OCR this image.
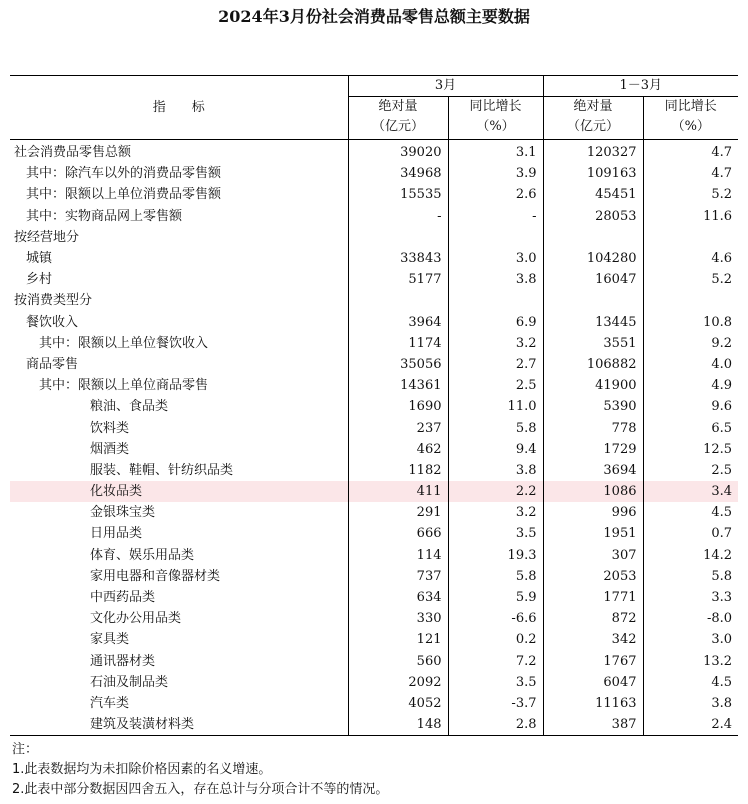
2024年3月份社会消费品零售总额主要数据
指　　标	3月		1－3月	
	绝对量	同比增长	绝对量	同比增长
	（亿元）	（%）	（亿元）	（%）
社会消费品零售总额	39020	3.1	120327	4.7
其中：除汽车以外的消费品零售额	34968	3.9	109163	4.7
其中：限额以上单位消费品零售额	15535	2.6	45451	5.2
其中：实物商品网上零售额	-	-	28053	11.6
按经营地分				
城镇	33843	3.0	104280	4.6
乡村	5177	3.8	16047	5.2
按消费类型分				
餐饮收入	3964	6.9	13445	10.8
其中：限额以上单位餐饮收入	1174	3.2	3551	9.2
商品零售	35056	2.7	106882	4.0
其中：限额以上单位商品零售	14361	2.5	41900	4.9
粮油、食品类	1690	11.0	5390	9.6
饮料类	237	5.8	778	6.5
烟酒类	462	9.4	1729	12.5
服装、鞋帽、针纺织品类	1182	3.8	3694	2.5
化妆品类	411	2.2	1086	3.4
金银珠宝类	291	3.2	996	4.5
日用品类	666	3.5	1951	0.7
体育、娱乐用品类	114	19.3	307	14.2
家用电器和音像器材类	737	5.8	2053	5.8
中西药品类	634	5.9	1771	3.3
文化办公用品类	330	-6.6	872	-8.0
家具类	121	0.2	342	3.0
通讯器材类	560	7.2	1767	13.2
石油及制品类	2092	3.5	6047	4.5
汽车类	4052	-3.7	11163	3.8
建筑及装潢材料类	148	2.8	387	2.4
注：
1.此表数据均为未扣除价格因素的名义增速。
2.此表中部分数据因四舍五入，存在总计与分项合计不等的情况。
